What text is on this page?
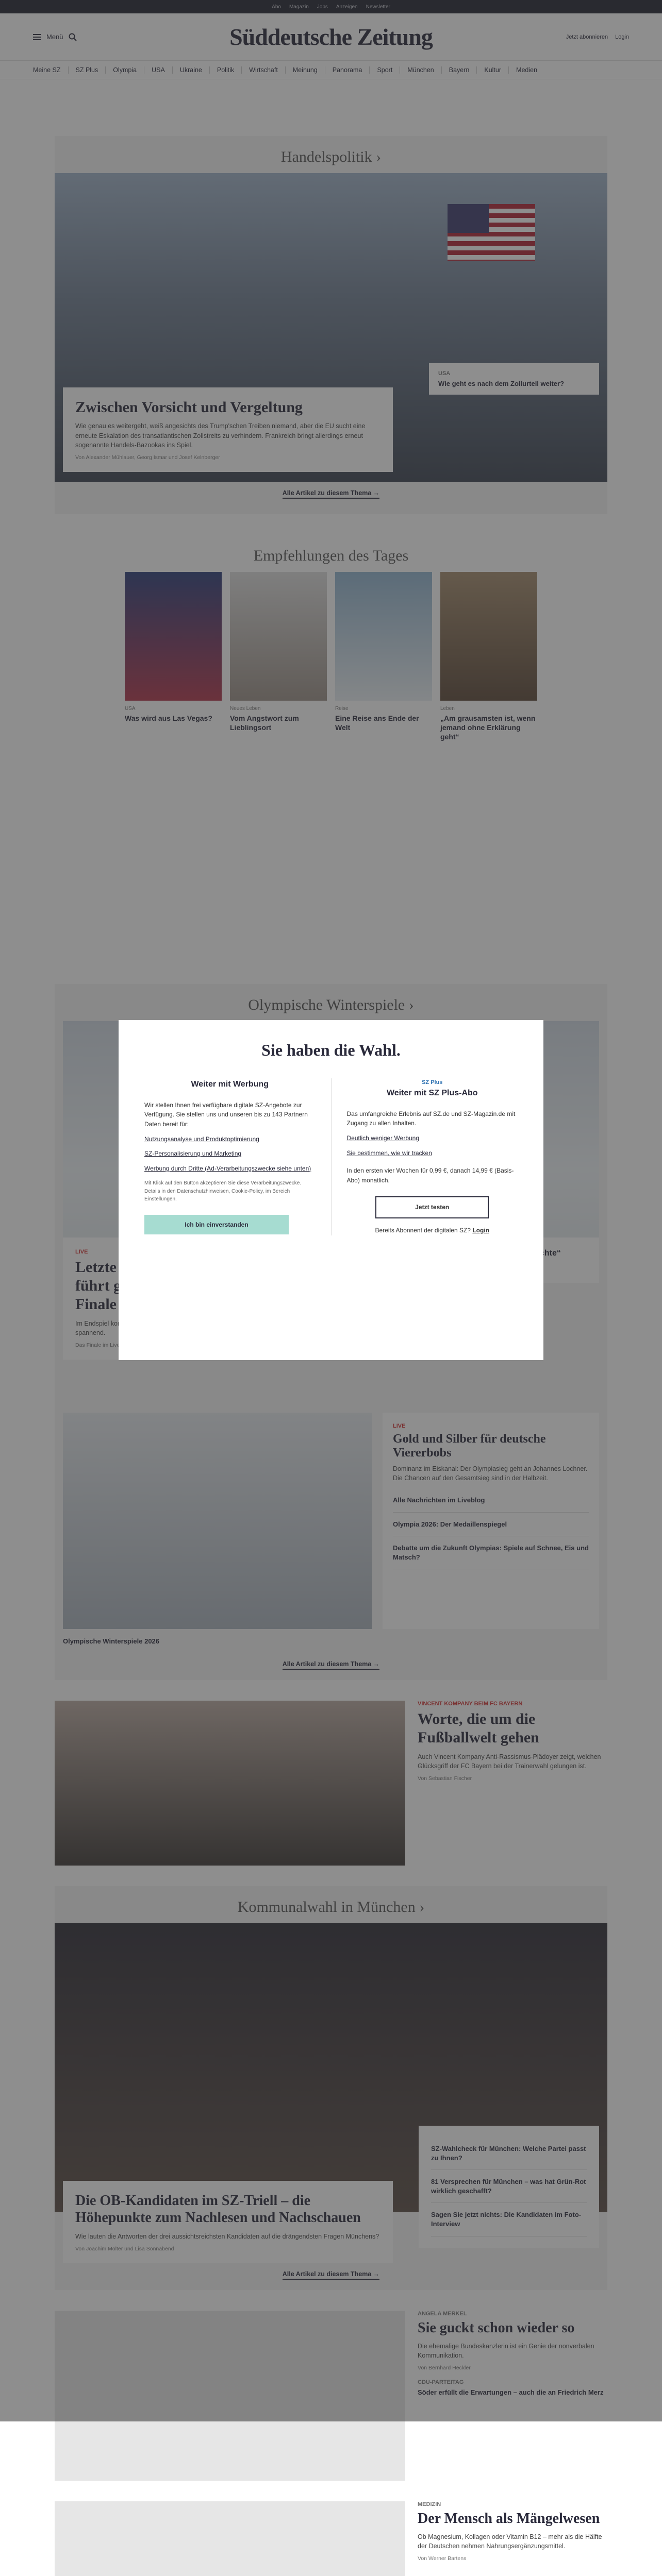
MEDIZIN
Der Mensch als Mängelwesen
Ob Magnesium, Kollagen oder Vitamin B12 – mehr als die Hälfte der Deutschen nehmen Nahrungsergänzungsmittel.
Von Werner Bartens
Sie haben die Wahl.
Weiter mit Werbung

Wir stellen Ihnen frei verfügbare digitale SZ-Angebote zur Verfügung. Sie stellen uns und unseren bis zu 143 Partnern Daten bereit für:

Nutzungsanalyse und Produktoptimierung
SZ-Personalisierung und Marketing
Werbung durch Dritte (Ad-Verarbeitungszwecke siehe unten)

Mit Klick auf den Button akzeptieren Sie diese Verarbeitungszwecke. Details in den Datenschutzhinweisen, Cookie-Policy, im Bereich Einstellungen.

Ich bin einverstanden
SZ Plus
Weiter mit SZ Plus-Abo

Das umfangreiche Erlebnis auf SZ.de und SZ-Magazin.de mit Zugang zu allen Inhalten.

Deutlich weniger Werbung
Sie bestimmen, wie wir tracken

In den ersten vier Wochen für 0,99 €, danach 14,99 € (Basis-Abo) monatlich.

Jetzt testen

Bereits Abonnent der digitalen SZ? Login
